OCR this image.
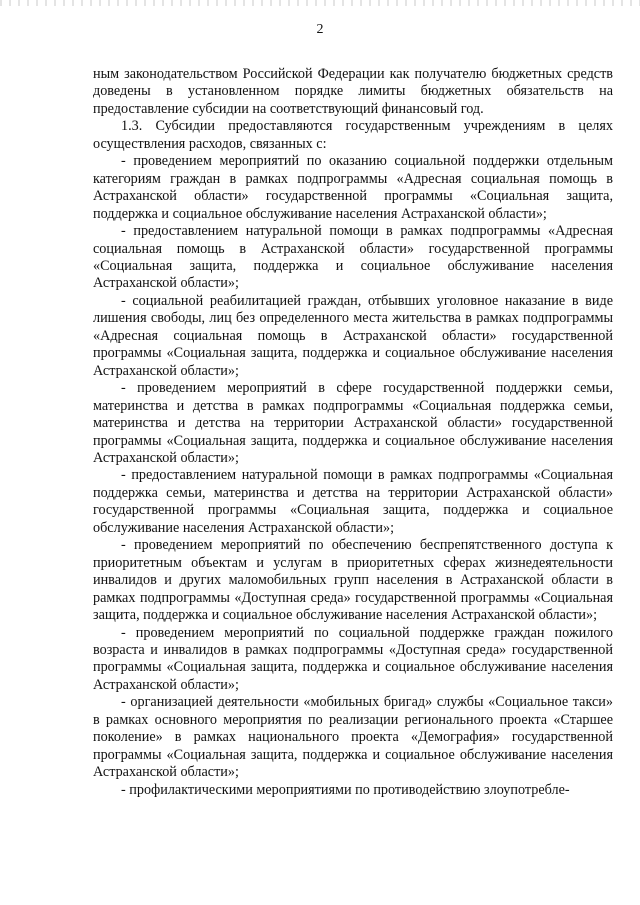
2

ным законодательством Российской Федерации как получателю бюджетных средств доведены в установленном порядке лимиты бюджетных обязательств на предоставление субсидии на соответствующий финансовый год.

1.3. Субсидии предоставляются государственным учреждениям в целях осуществления расходов, связанных с:

- проведением мероприятий по оказанию социальной поддержки отдельным категориям граждан в рамках подпрограммы «Адресная социальная помощь в Астраханской области» государственной программы «Социальная защита, поддержка и социальное обслуживание населения Астраханской области»;

- предоставлением натуральной помощи в рамках подпрограммы «Адресная социальная помощь в Астраханской области» государственной программы «Социальная защита, поддержка и социальное обслуживание населения Астраханской области»;

- социальной реабилитацией граждан, отбывших уголовное наказание в виде лишения свободы, лиц без определенного места жительства в рамках подпрограммы «Адресная социальная помощь в Астраханской области» государственной программы «Социальная защита, поддержка и социальное обслуживание населения Астраханской области»;

- проведением мероприятий в сфере государственной поддержки семьи, материнства и детства в рамках подпрограммы «Социальная поддержка семьи, материнства и детства на территории Астраханской области» государственной программы «Социальная защита, поддержка и социальное обслуживание населения Астраханской области»;

- предоставлением натуральной помощи в рамках подпрограммы «Социальная поддержка семьи, материнства и детства на территории Астраханской области» государственной программы «Социальная защита, поддержка и социальное обслуживание населения Астраханской области»;

- проведением мероприятий по обеспечению беспрепятственного доступа к приоритетным объектам и услугам в приоритетных сферах жизнедеятельности инвалидов и других маломобильных групп населения в Астраханской области в рамках подпрограммы «Доступная среда» государственной программы «Социальная защита, поддержка и социальное обслуживание населения Астраханской области»;

- проведением мероприятий по социальной поддержке граждан пожилого возраста и инвалидов в рамках подпрограммы «Доступная среда» государственной программы «Социальная защита, поддержка и социальное обслуживание населения Астраханской области»;

- организацией деятельности «мобильных бригад» службы «Социальное такси» в рамках основного мероприятия по реализации регионального проекта «Старшее поколение» в рамках национального проекта «Демография» государственной программы «Социальная защита, поддержка и социальное обслуживание населения Астраханской области»;

- профилактическими мероприятиями по противодействию злоупотребле-
